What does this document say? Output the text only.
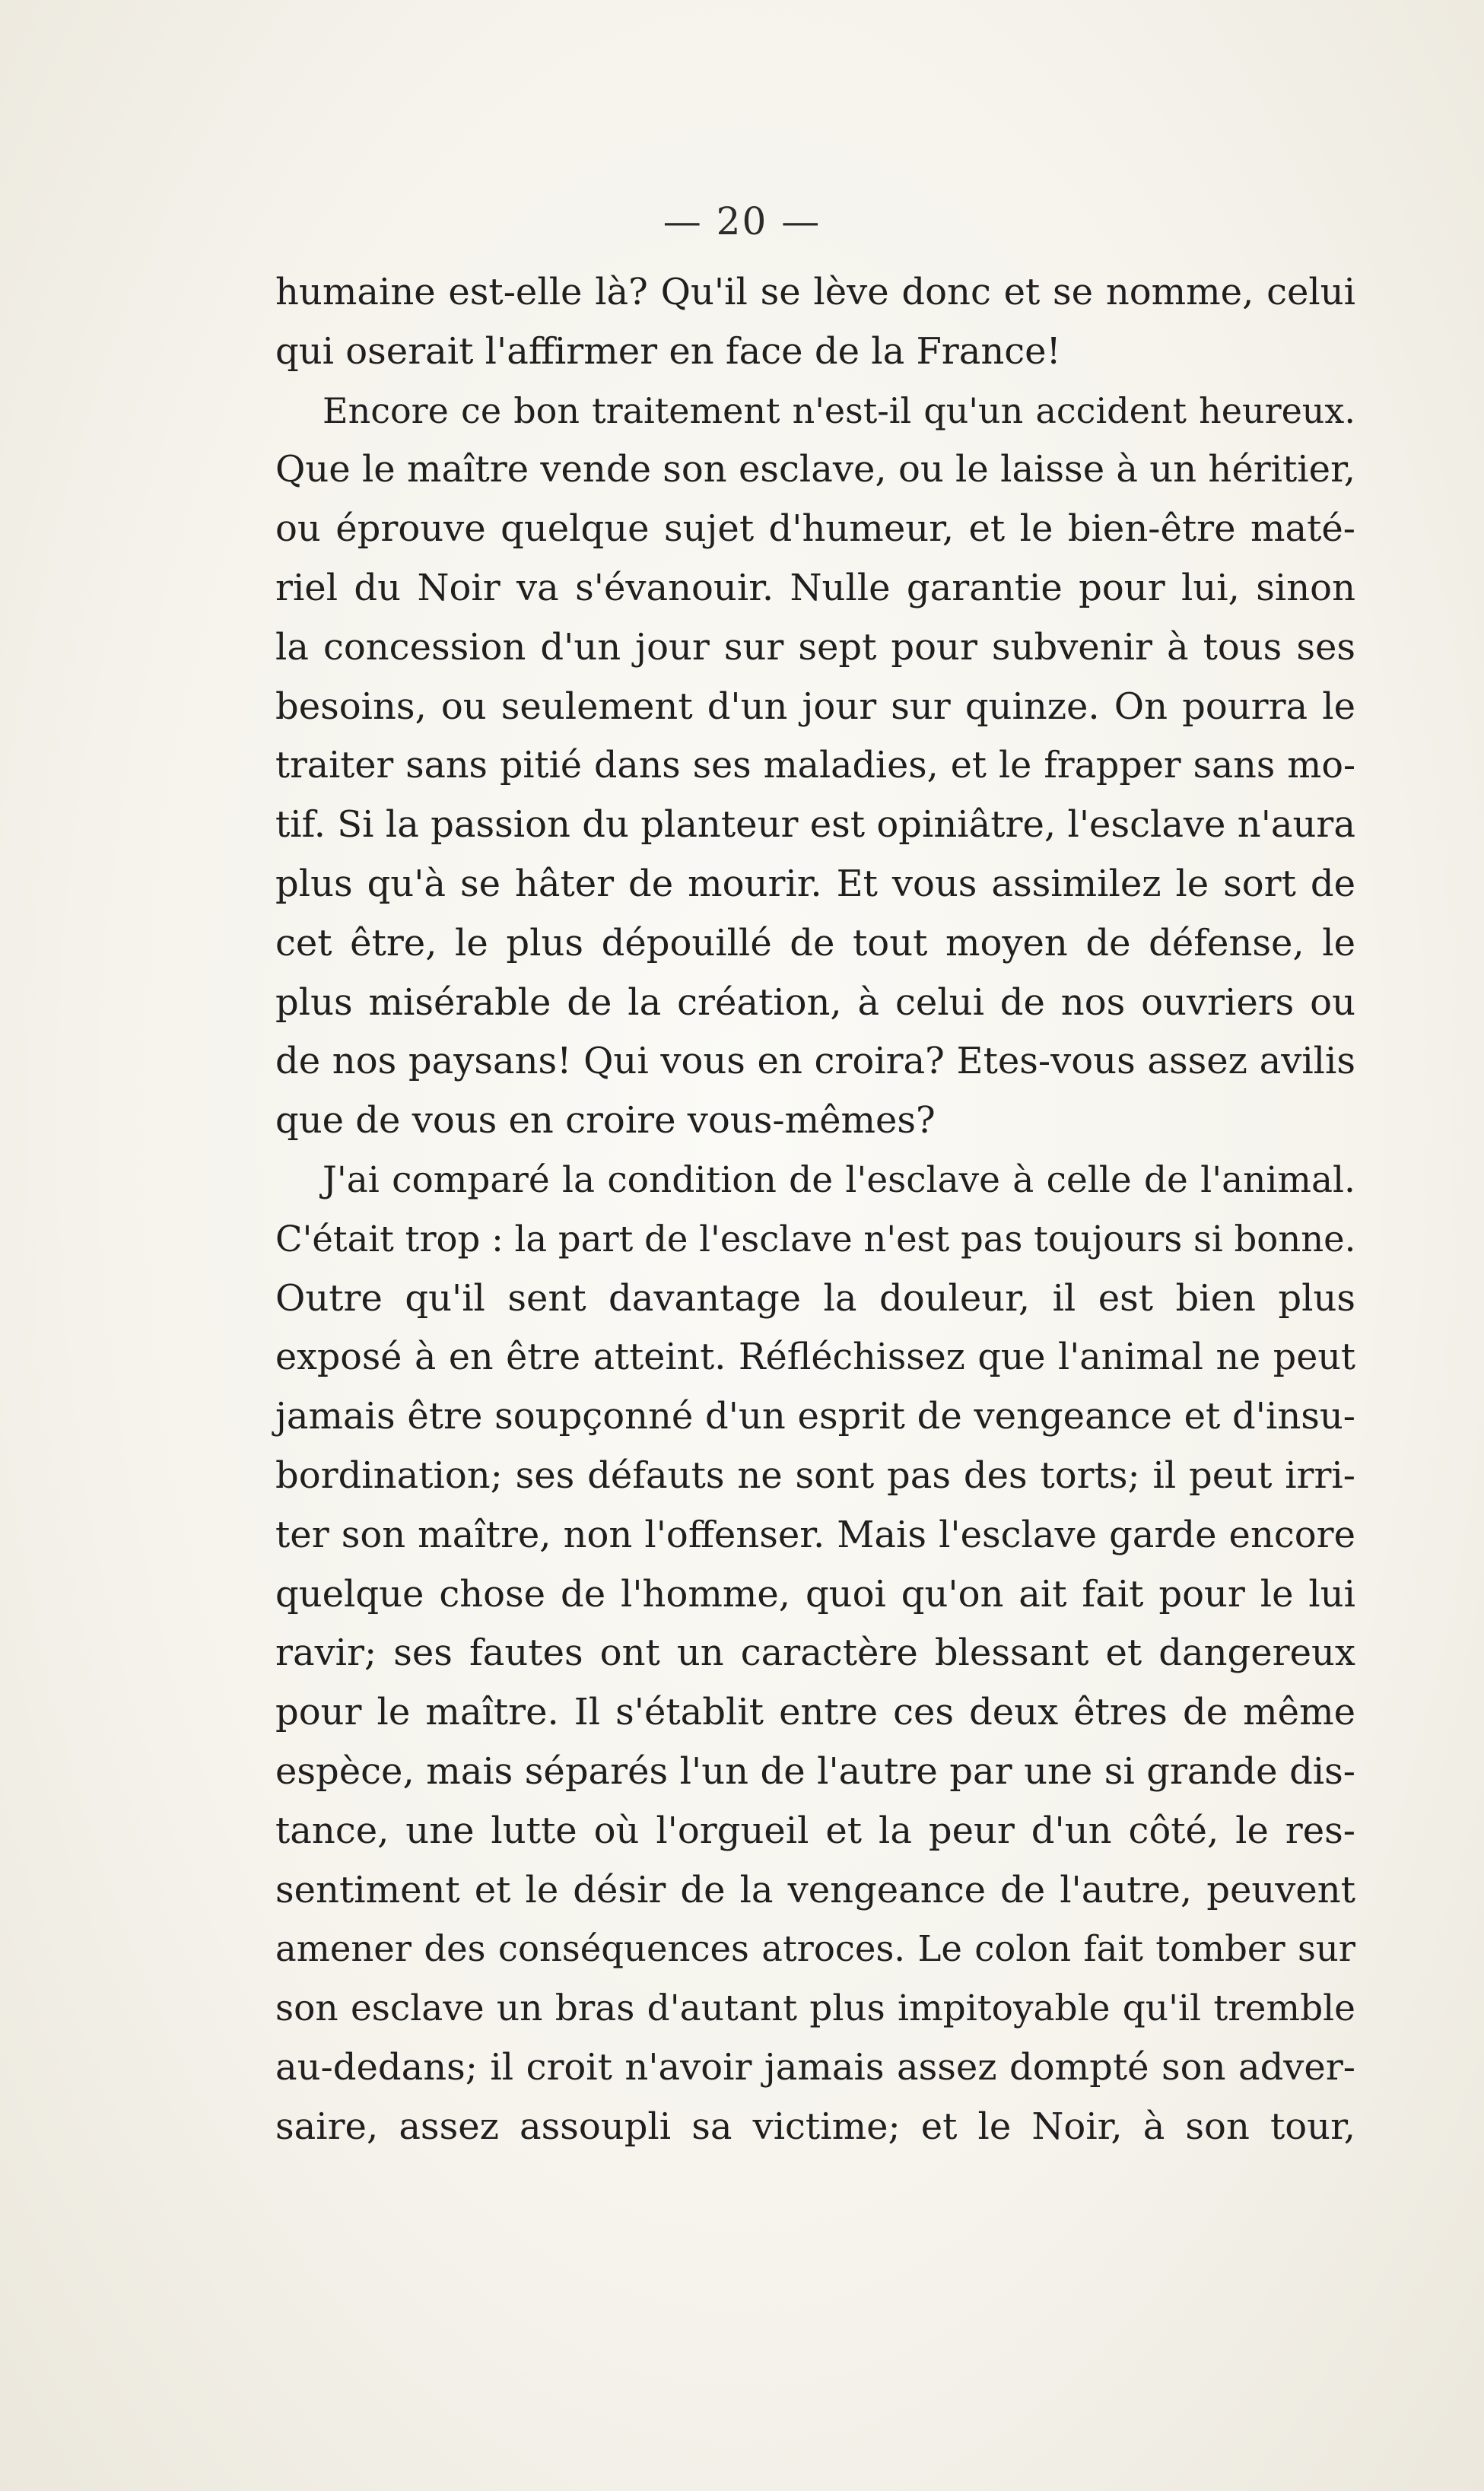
— 20 —
humaine est-elle là? Qu'il se lève donc et se nomme, celui
qui oserait l'affirmer en face de la France!
Encore ce bon traitement n'est-il qu'un accident heureux.
Que le maître vende son esclave, ou le laisse à un héritier,
ou éprouve quelque sujet d'humeur, et le bien-être maté-
riel du Noir va s'évanouir. Nulle garantie pour lui, sinon
la concession d'un jour sur sept pour subvenir à tous ses
besoins, ou seulement d'un jour sur quinze. On pourra le
traiter sans pitié dans ses maladies, et le frapper sans mo-
tif. Si la passion du planteur est opiniâtre, l'esclave n'aura
plus qu'à se hâter de mourir. Et vous assimilez le sort de
cet être, le plus dépouillé de tout moyen de défense, le
plus misérable de la création, à celui de nos ouvriers ou
de nos paysans! Qui vous en croira? Etes-vous assez avilis
que de vous en croire vous-mêmes?
J'ai comparé la condition de l'esclave à celle de l'animal.
C'était trop : la part de l'esclave n'est pas toujours si bonne.
Outre qu'il sent davantage la douleur, il est bien plus
exposé à en être atteint. Réfléchissez que l'animal ne peut
jamais être soupçonné d'un esprit de vengeance et d'insu-
bordination; ses défauts ne sont pas des torts; il peut irri-
ter son maître, non l'offenser. Mais l'esclave garde encore
quelque chose de l'homme, quoi qu'on ait fait pour le lui
ravir; ses fautes ont un caractère blessant et dangereux
pour le maître. Il s'établit entre ces deux êtres de même
espèce, mais séparés l'un de l'autre par une si grande dis-
tance, une lutte où l'orgueil et la peur d'un côté, le res-
sentiment et le désir de la vengeance de l'autre, peuvent
amener des conséquences atroces. Le colon fait tomber sur
son esclave un bras d'autant plus impitoyable qu'il tremble
au-dedans; il croit n'avoir jamais assez dompté son adver-
saire, assez assoupli sa victime; et le Noir, à son tour,
